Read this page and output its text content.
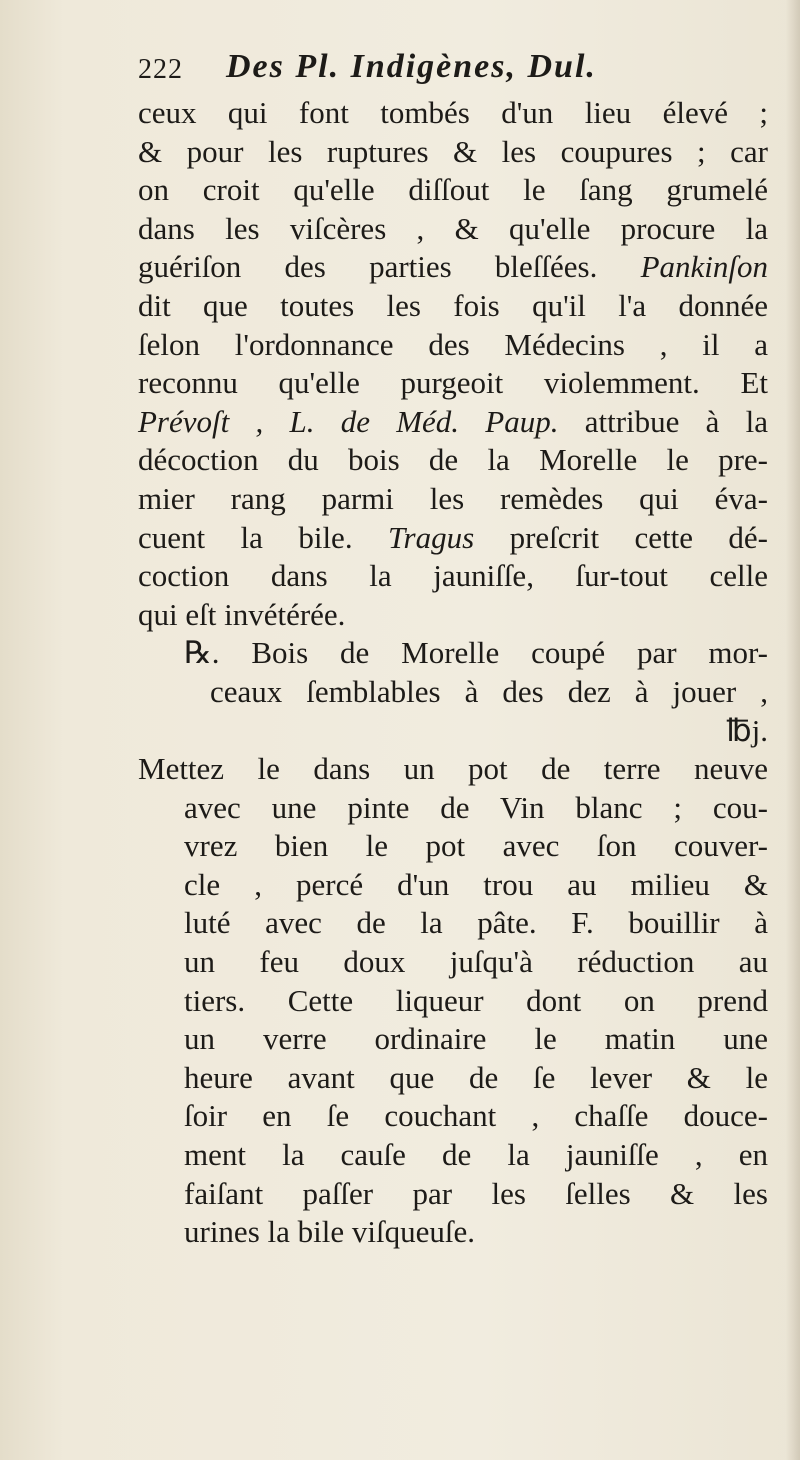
222 Des Pl. Indigènes, Dul.
ceux qui font tombés d'un lieu élevé ;
& pour les ruptures & les coupures ; car
on croit qu'elle diſſout le ſang grumelé
dans les viſcères , & qu'elle procure la
guériſon des parties bleſſées. Pankinſon
dit que toutes les fois qu'il l'a donnée
ſelon l'ordonnance des Médecins , il a
reconnu qu'elle purgeoit violemment. Et
Prévoſt , L. de Méd. Paup. attribue à la
décoction du bois de la Morelle le pre-
mier rang parmi les remèdes qui éva-
cuent la bile. Tragus preſcrit cette dé-
coction dans la jauniſſe, ſur-tout celle
qui eſt invétérée.
℞. Bois de Morelle coupé par mor-
ceaux ſemblables à des dez à jouer ,
℔j.
Mettez le dans un pot de terre neuve
avec une pinte de Vin blanc ; cou-
vrez bien le pot avec ſon couver-
cle , percé d'un trou au milieu &
luté avec de la pâte. F. bouillir à
un feu doux juſqu'à réduction au
tiers. Cette liqueur dont on prend
un verre ordinaire le matin une
heure avant que de ſe lever & le
ſoir en ſe couchant , chaſſe douce-
ment la cauſe de la jauniſſe , en
faiſant paſſer par les ſelles & les
urines la bile viſqueuſe.
